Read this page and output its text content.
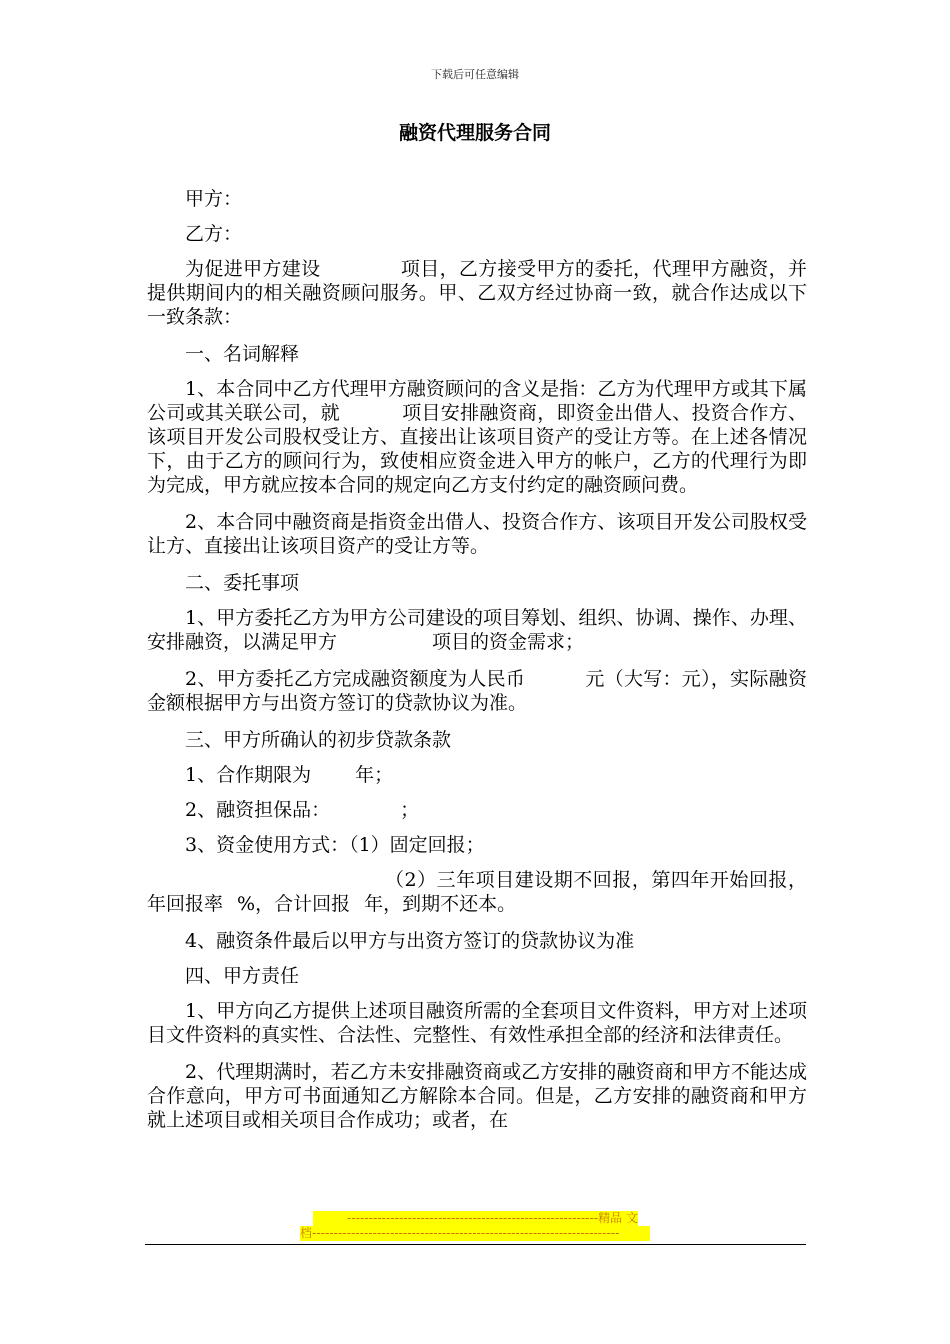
下载后可任意编辑
融资代理服务合同

甲方：

乙方：

为促进甲方建设	项目，乙方接受甲方的委托，代理甲方融资，并提供期间内的相关融资顾问服务。甲、乙双方经过协商一致，就合作达成以下一致条款：

一、名词解释

1、本合同中乙方代理甲方融资顾问的含义是指：乙方为代理甲方或其下属公司或其关联公司，就	项目安排融资商，即资金出借人、投资合作方、该项目开发公司股权受让方、直接出让该项目资产的受让方等。在上述各情况下，由于乙方的顾问行为，致使相应资金进入甲方的帐户，乙方的代理行为即为完成，甲方就应按本合同的规定向乙方支付约定的融资顾问费。

2、本合同中融资商是指资金出借人、投资合作方、该项目开发公司股权受让方、直接出让该项目资产的受让方等。

二、委托事项

1、甲方委托乙方为甲方公司建设的项目筹划、组织、协调、操作、办理、安排融资，以满足甲方	项目的资金需求；

2、甲方委托乙方完成融资额度为人民币	元（大写：元），实际融资金额根据甲方与出资方签订的贷款协议为准。

三、甲方所确认的初步贷款条款

1、合作期限为 年；

2、融资担保品：	；

3、资金使用方式：（1）固定回报；

（2）三年项目建设期不回报，第四年开始回报，年回报率 %，合计回报 年，到期不还本。

4、融资条件最后以甲方与出资方签订的贷款协议为准

四、甲方责任

1、甲方向乙方提供上述项目融资所需的全套项目文件资料，甲方对上述项目文件资料的真实性、合法性、完整性、有效性承担全部的经济和法律责任。

2、代理期满时，若乙方未安排融资商或乙方安排的融资商和甲方不能达成合作意向，甲方可书面通知乙方解除本合同。但是，乙方安排的融资商和甲方就上述项目或相关项目合作成功；或者，在

----------------------------------------------------------精品 文
档-----------------------------------------------------------------------
